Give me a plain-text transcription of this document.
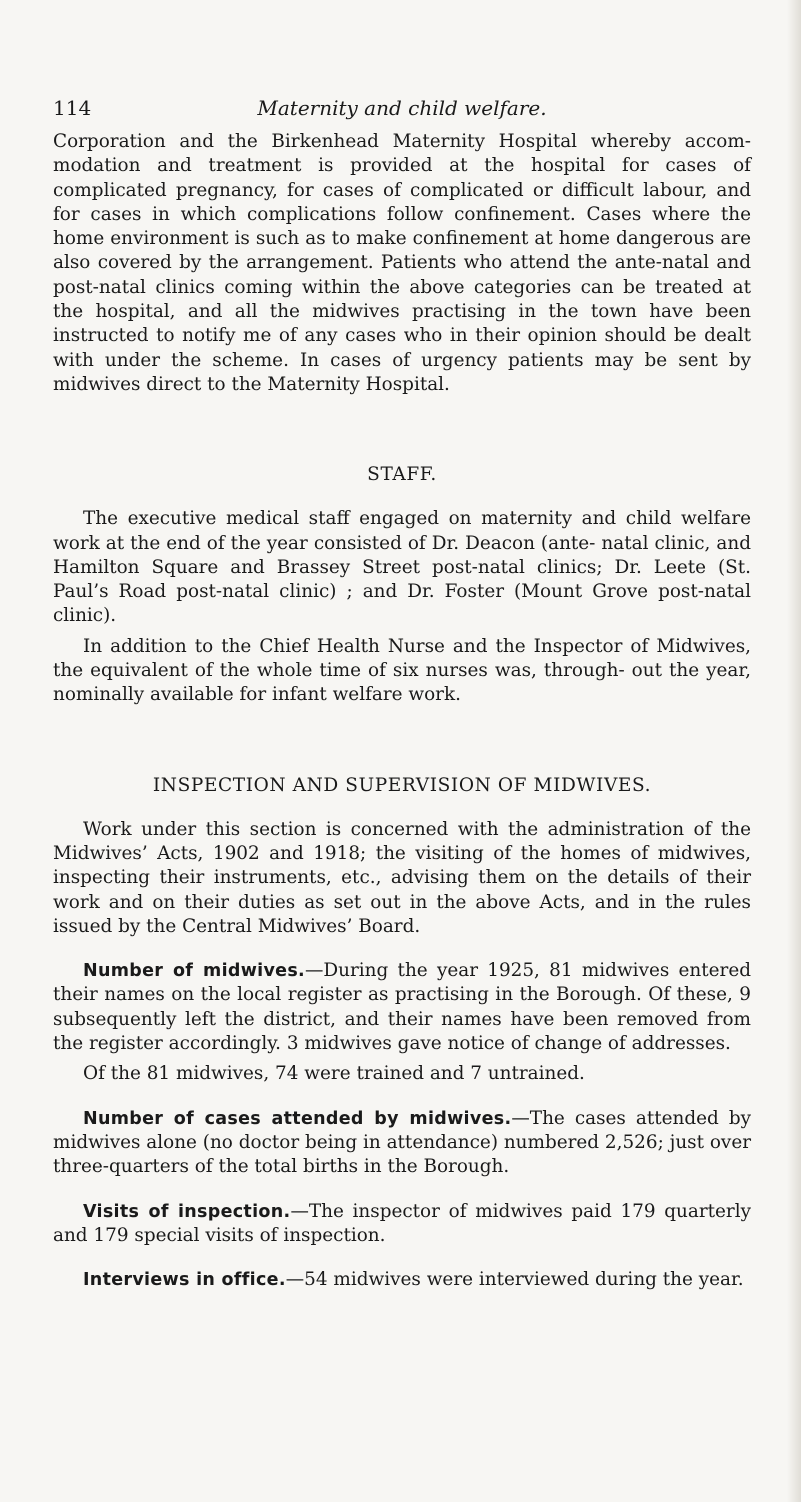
114	Maternity and child welfare.

Corporation and the Birkenhead Maternity Hospital whereby accom- modation and treatment is provided at the hospital for cases of complicated pregnancy, for cases of complicated or difficult labour, and for cases in which complications follow confinement. Cases where the home environment is such as to make confinement at home dangerous are also covered by the arrangement. Patients who attend the ante-natal and post-natal clinics coming within the above categories can be treated at the hospital, and all the midwives practising in the town have been instructed to notify me of any cases who in their opinion should be dealt with under the scheme. In cases of urgency patients may be sent by midwives direct to the Maternity Hospital.

STAFF.

The executive medical staff engaged on maternity and child welfare work at the end of the year consisted of Dr. Deacon (ante- natal clinic, and Hamilton Square and Brassey Street post-natal clinics; Dr. Leete (St. Paul’s Road post-natal clinic) ; and Dr. Foster (Mount Grove post-natal clinic).

In addition to the Chief Health Nurse and the Inspector of Midwives, the equivalent of the whole time of six nurses was, through- out the year, nominally available for infant welfare work.

INSPECTION AND SUPERVISION OF MIDWIVES.

Work under this section is concerned with the administration of the Midwives’ Acts, 1902 and 1918; the visiting of the homes of midwives, inspecting their instruments, etc., advising them on the details of their work and on their duties as set out in the above Acts, and in the rules issued by the Central Midwives’ Board.

Number of midwives.—During the year 1925, 81 midwives entered their names on the local register as practising in the Borough. Of these, 9 subsequently left the district, and their names have been removed from the register accordingly. 3 midwives gave notice of change of addresses.

Of the 81 midwives, 74 were trained and 7 untrained.

Number of cases attended by midwives.—The cases attended by midwives alone (no doctor being in attendance) numbered 2,526; just over three-quarters of the total births in the Borough.

Visits of inspection.—The inspector of midwives paid 179 quarterly and 179 special visits of inspection.

Interviews in office.—54 midwives were interviewed during the year.
